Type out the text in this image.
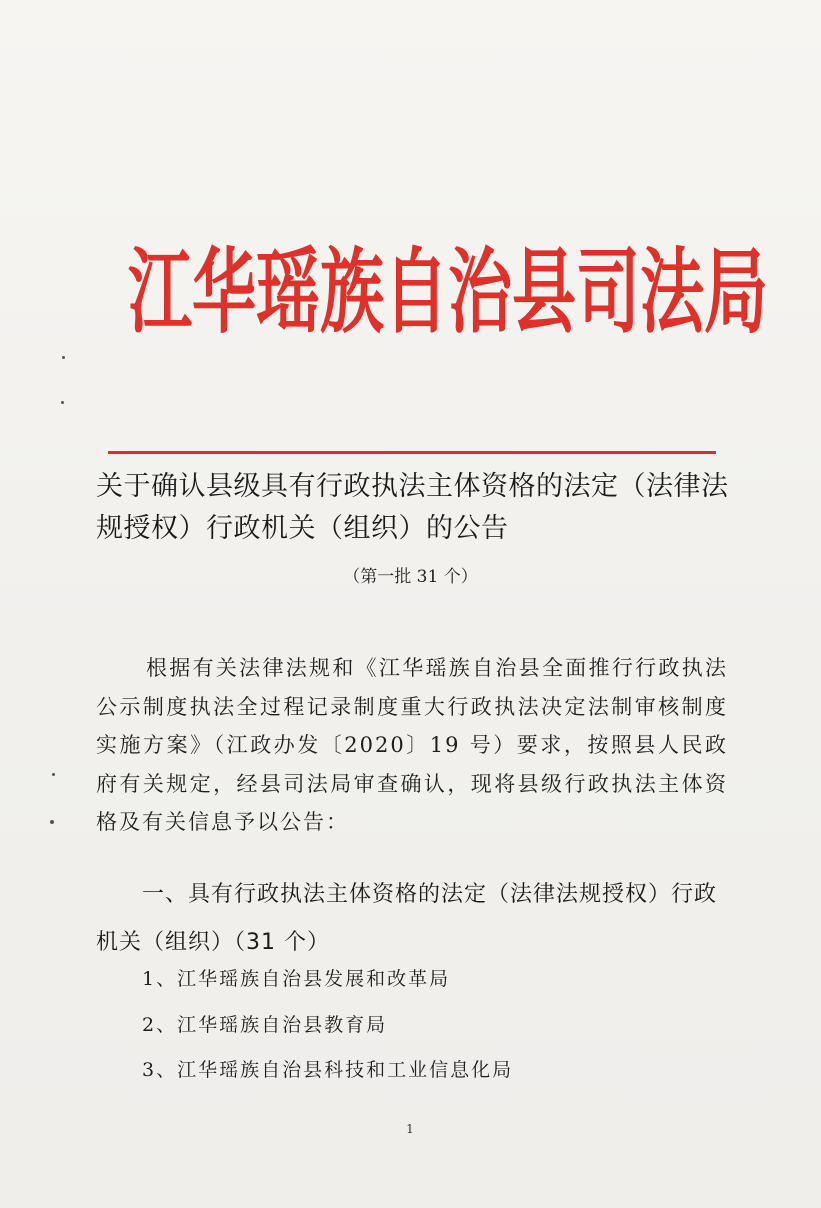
江华瑶族自治县司法局
关于确认县级具有行政执法主体资格的法定（法律法规授权）行政机关（组织）的公告
（第一批 31 个）

根据有关法律法规和《江华瑶族自治县全面推行行政执法公示制度执法全过程记录制度重大行政执法决定法制审核制度实施方案》（江政办发〔2020〕19 号）要求，按照县人民政府有关规定，经县司法局审查确认，现将县级行政执法主体资格及有关信息予以公告：

一、具有行政执法主体资格的法定（法律法规授权）行政机关（组织）（31 个）
1、江华瑶族自治县发展和改革局
2、江华瑶族自治县教育局
3、江华瑶族自治县科技和工业信息化局
1
